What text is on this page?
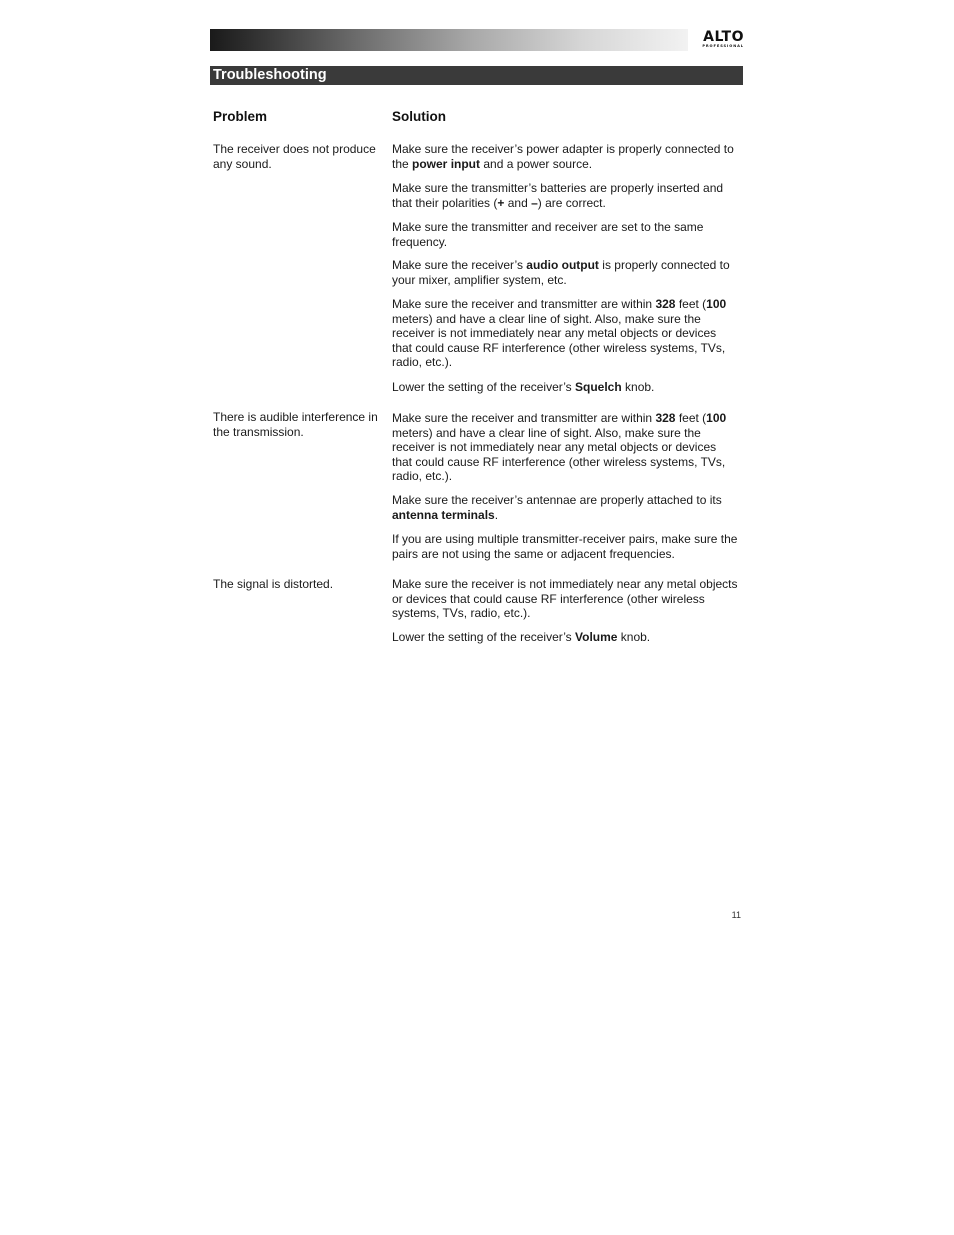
ALTO
PROFESSIONAL
Troubleshooting
Problem	Solution
The receiver does not produce any sound.
Make sure the receiver’s power adapter is properly connected to the power input and a power source.
Make sure the transmitter’s batteries are properly inserted and that their polarities (+ and –) are correct.
Make sure the transmitter and receiver are set to the same frequency.
Make sure the receiver’s audio output is properly connected to your mixer, amplifier system, etc.
Make sure the receiver and transmitter are within 328 feet (100 meters) and have a clear line of sight. Also, make sure the receiver is not immediately near any metal objects or devices that could cause RF interference (other wireless systems, TVs, radio, etc.).
Lower the setting of the receiver’s Squelch knob.
There is audible interference in the transmission.
Make sure the receiver and transmitter are within 328 feet (100 meters) and have a clear line of sight. Also, make sure the receiver is not immediately near any metal objects or devices that could cause RF interference (other wireless systems, TVs, radio, etc.).
Make sure the receiver’s antennae are properly attached to its antenna terminals.
If you are using multiple transmitter-receiver pairs, make sure the pairs are not using the same or adjacent frequencies.
The signal is distorted.	Make sure the receiver is not immediately near any metal objects or devices that could cause RF interference (other wireless systems, TVs, radio, etc.).
Lower the setting of the receiver’s Volume knob.
11
